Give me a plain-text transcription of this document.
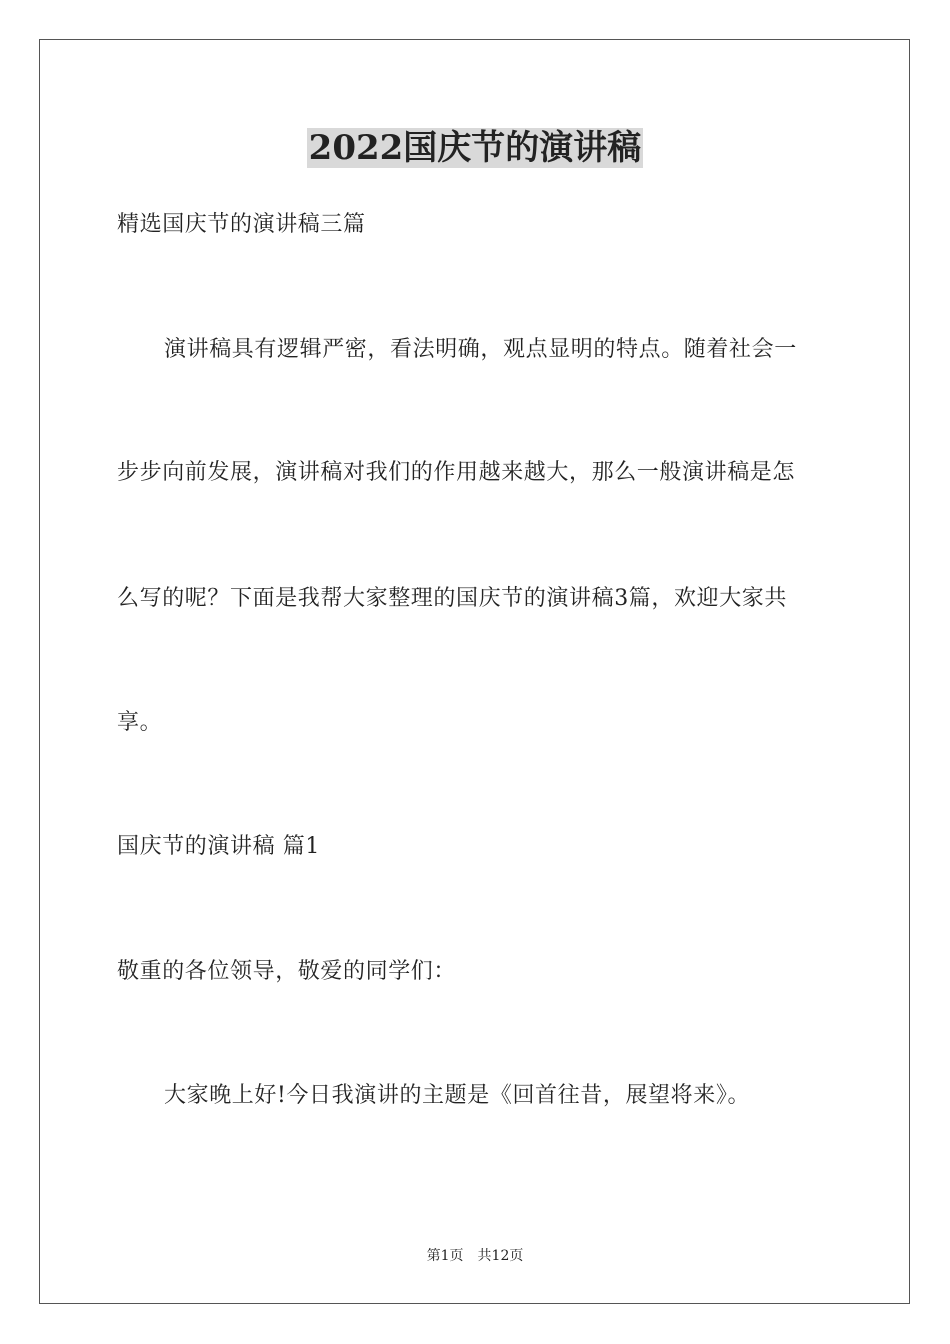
2022国庆节的演讲稿
精选国庆节的演讲稿三篇
演讲稿具有逻辑严密，看法明确，观点显明的特点。随着社会一
步步向前发展，演讲稿对我们的作用越来越大，那么一般演讲稿是怎
么写的呢？下面是我帮大家整理的国庆节的演讲稿3篇，欢迎大家共
享。
国庆节的演讲稿 篇1
敬重的各位领导，敬爱的同学们：
大家晚上好!今日我演讲的主题是《回首往昔，展望将来》。
第1页　共12页
